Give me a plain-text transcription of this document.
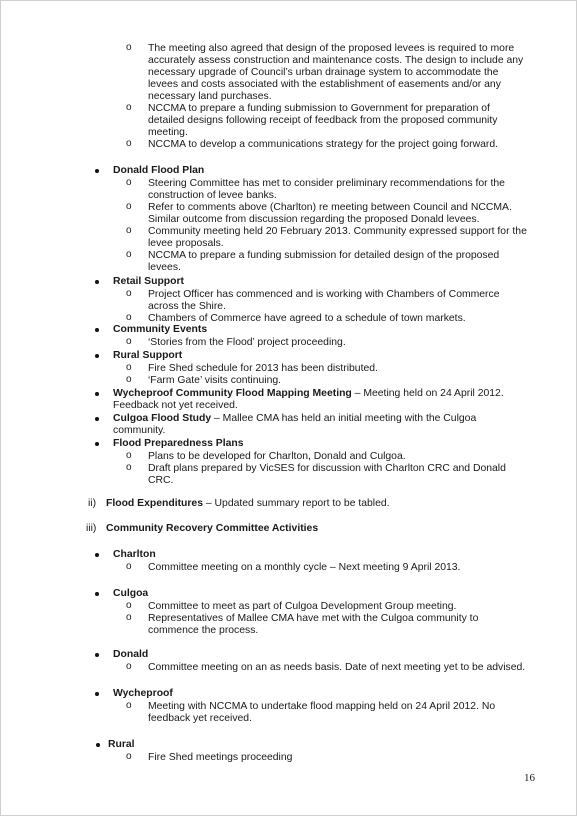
o The meeting also agreed that design of the proposed levees is required to more
accurately assess construction and maintenance costs. The design to include any
necessary upgrade of Council’s urban drainage system to accommodate the
levees and costs associated with the establishment of easements and/or any
necessary land purchases.
o NCCMA to prepare a funding submission to Government for preparation of
detailed designs following receipt of feedback from the proposed community
meeting.
o NCCMA to develop a communications strategy for the project going forward.
Donald Flood Plan
o Steering Committee has met to consider preliminary recommendations for the
construction of levee banks.
o Refer to comments above (Charlton) re meeting between Council and NCCMA.
Similar outcome from discussion regarding the proposed Donald levees.
o Community meeting held 20 February 2013. Community expressed support for the
levee proposals.
o NCCMA to prepare a funding submission for detailed design of the proposed
levees.
Retail Support
o Project Officer has commenced and is working with Chambers of Commerce
across the Shire.
o Chambers of Commerce have agreed to a schedule of town markets.
Community Events
o ‘Stories from the Flood’ project proceeding.
Rural Support
o Fire Shed schedule for 2013 has been distributed.
o ‘Farm Gate’ visits continuing.
Wycheproof Community Flood Mapping Meeting – Meeting held on 24 April 2012.
Feedback not yet received.
Culgoa Flood Study – Mallee CMA has held an initial meeting with the Culgoa
community.
Flood Preparedness Plans
o Plans to be developed for Charlton, Donald and Culgoa.
o Draft plans prepared by VicSES for discussion with Charlton CRC and Donald
CRC.
ii) Flood Expenditures – Updated summary report to be tabled.
iii) Community Recovery Committee Activities
Charlton
o Committee meeting on a monthly cycle – Next meeting 9 April 2013.
Culgoa
o Committee to meet as part of Culgoa Development Group meeting.
o Representatives of Mallee CMA have met with the Culgoa community to
commence the process.
Donald
o Committee meeting on an as needs basis. Date of next meeting yet to be advised.
Wycheproof
o Meeting with NCCMA to undertake flood mapping held on 24 April 2012. No
feedback yet received.
Rural
o Fire Shed meetings proceeding
16
